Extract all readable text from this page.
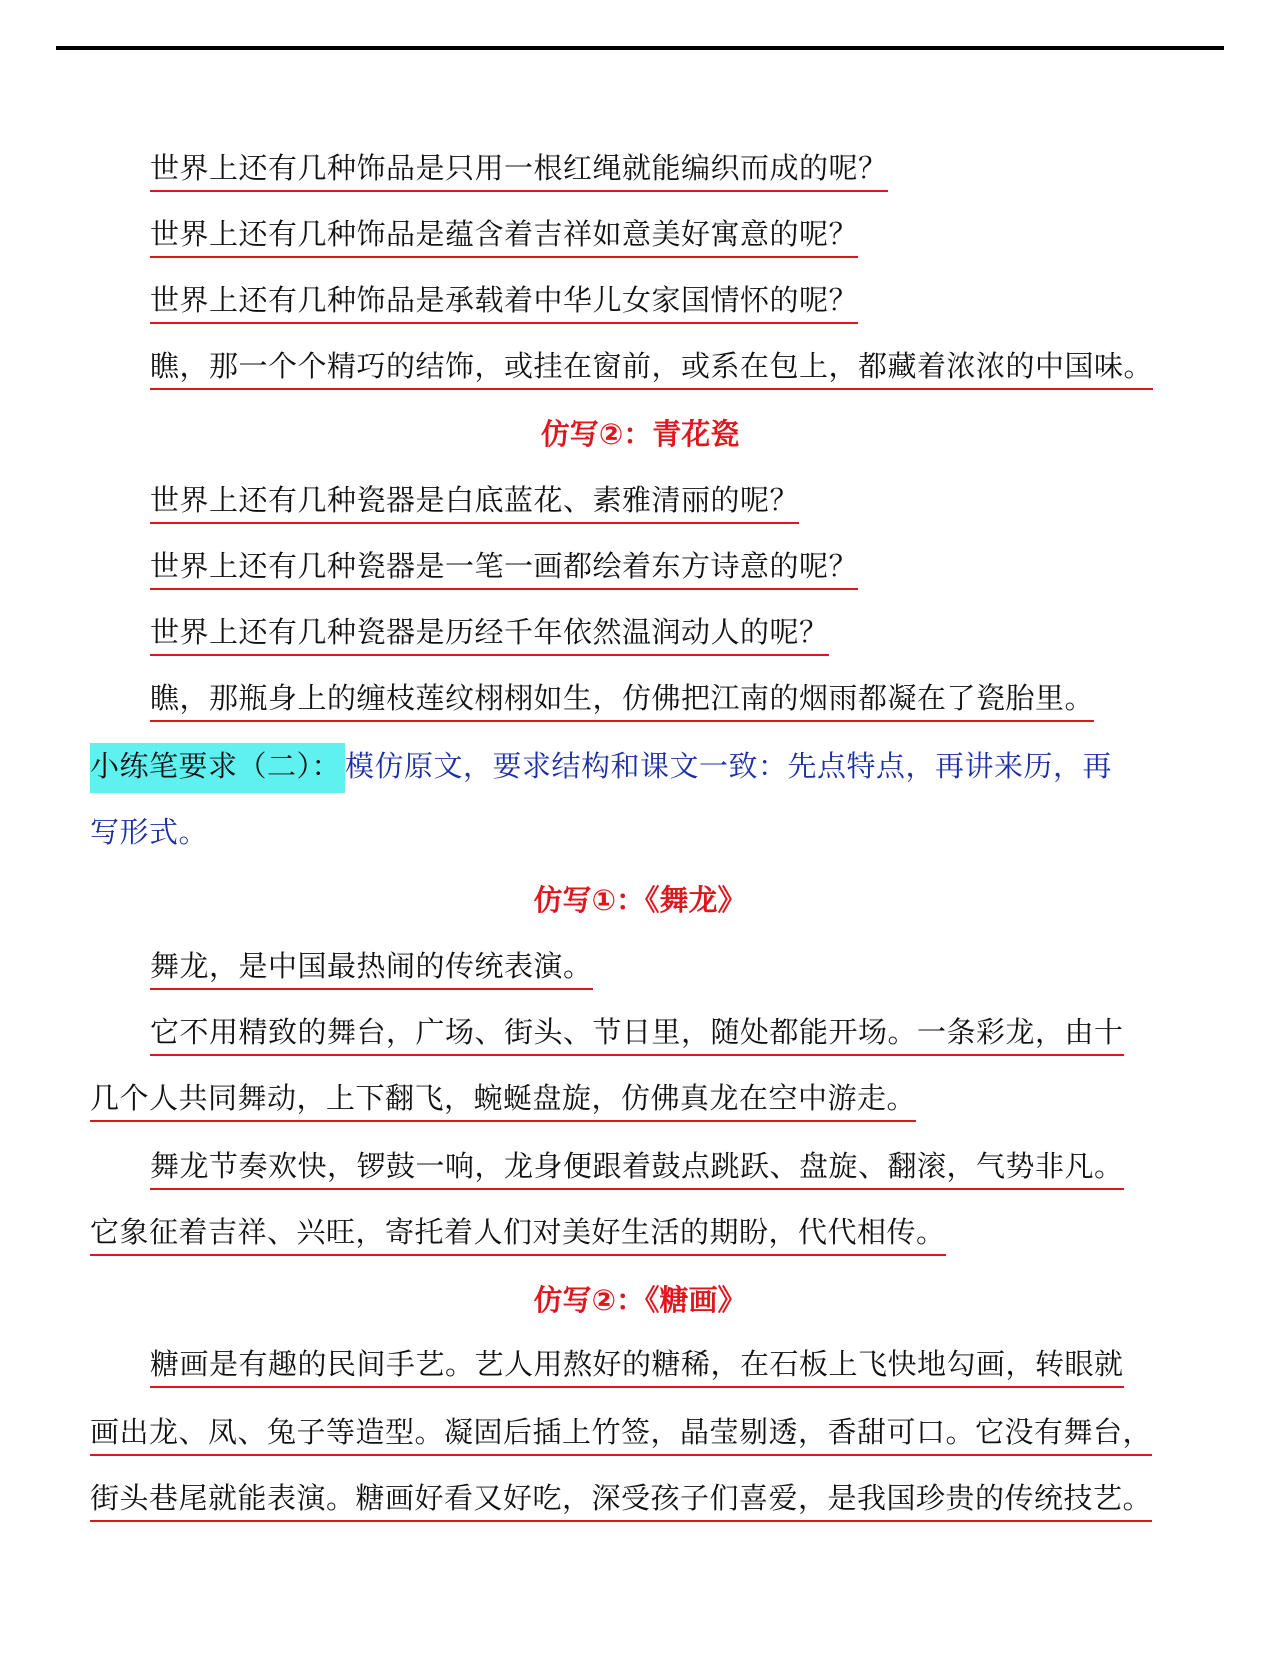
世界上还有几种饰品是只用一根红绳就能编织而成的呢？
世界上还有几种饰品是蕴含着吉祥如意美好寓意的呢？
世界上还有几种饰品是承载着中华儿女家国情怀的呢？
瞧，那一个个精巧的结饰，或挂在窗前，或系在包上，都藏着浓浓的中国味。
仿写②：青花瓷
世界上还有几种瓷器是白底蓝花、素雅清丽的呢？
世界上还有几种瓷器是一笔一画都绘着东方诗意的呢？
世界上还有几种瓷器是历经千年依然温润动人的呢？
瞧，那瓶身上的缠枝莲纹栩栩如生，仿佛把江南的烟雨都凝在了瓷胎里。
小练笔要求（二）： 模仿原文，要求结构和课文一致：先点特点，再讲来历，再
写形式。
仿写①：《舞龙》
舞龙，是中国最热闹的传统表演。
它不用精致的舞台，广场、街头、节日里，随处都能开场。一条彩龙，由十
几个人共同舞动，上下翻飞，蜿蜒盘旋，仿佛真龙在空中游走。
舞龙节奏欢快，锣鼓一响，龙身便跟着鼓点跳跃、盘旋、翻滚，气势非凡。
它象征着吉祥、兴旺，寄托着人们对美好生活的期盼，代代相传。
仿写②：《糖画》
糖画是有趣的民间手艺。艺人用熬好的糖稀，在石板上飞快地勾画，转眼就
画出龙、凤、兔子等造型。凝固后插上竹签，晶莹剔透，香甜可口。它没有舞台，
街头巷尾就能表演。糖画好看又好吃，深受孩子们喜爱，是我国珍贵的传统技艺。
